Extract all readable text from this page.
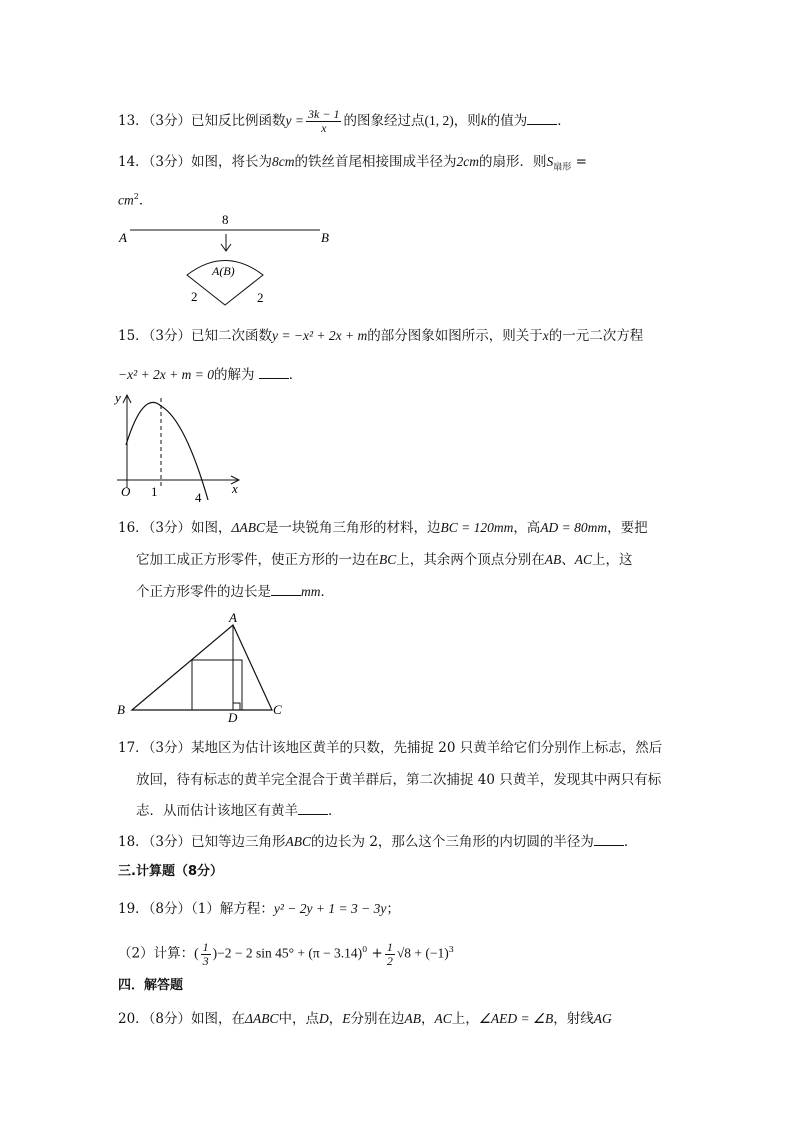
13．（3分）已知反比例函数$y = \frac{3k - 1}{x}$ 的图象经过点(1, 2)，则k的值为 ．
14．（3分）如图，将长为8cm的铁丝首尾相接围成半径为2cm的扇形．则$S_{扇形}$ =
$cm^2$．
8
A	B
A(B)
2	2
15．（3分）已知二次函数y = −x² + 2x + m的部分图象如图所示，则关于x的一元二次方程
−x² + 2x + m = 0的解为	．
y
x
O 1	4
16．（3分）如图，ΔABC是一块锐角三角形的材料，边BC = 120mm，高AD = 80mm，要把
它加工成正方形零件，使正方形的一边在BC上，其余两个顶点分别在AB、AC上，这
个正方形零件的边长是 mm．
A
B	C
D
17．（3分）某地区为估计该地区黄羊的只数，先捕捉 20 只黄羊给它们分别作上标志，然后
放回，待有标志的黄羊完全混合于黄羊群后，第二次捕捉 40 只黄羊，发现其中两只有标
志．从而估计该地区有黄羊 ．
18．（3分）已知等边三角形ABC的边长为 2，那么这个三角形的内切圆的半径为 ．
三.计算题（8分）
19．（8分）（1）解方程：y² − 2y + 1 = 3 − 3y；
（2）计算：( $\frac{1}{3} )-2 - 2$ $\sin 45^\circ + (\pi - 3.14)^0 + \frac{1}{2} √8 + (-1)^3$
四．解答题
20．（8分）如图，在ΔABC中，点D，E分别在边AB，AC上，∠AED = ∠B，射线AG
